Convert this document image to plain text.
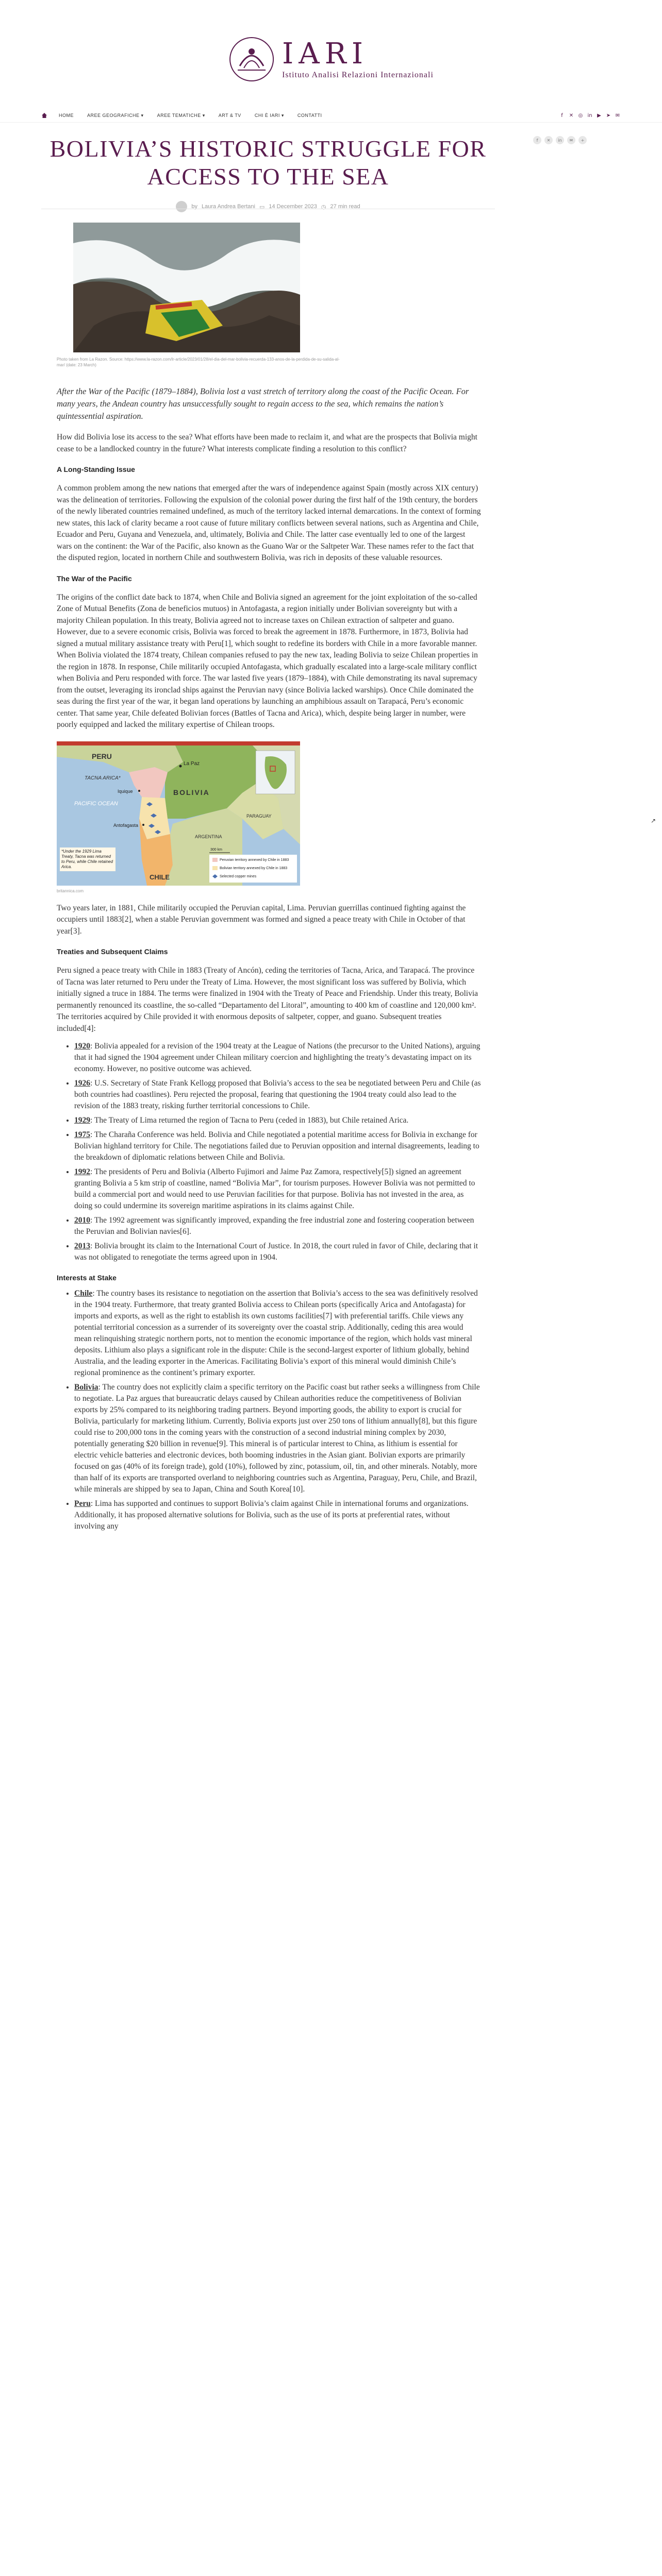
IARI
Istituto Analisi Relazioni Internazionali
HOME	AREE GEOGRAFICHE ▾	AREE TEMATICHE ▾	ART & TV	CHI È IARI ▾	CONTATTI	f	✕ ◎ in ▶ ➤ ✉
BOLIVIA’S HISTORIC STRUGGLE FOR ACCESS TO THE SEA
by Laura Andrea Bertani ▭ 14 December 2023 ◷ 27 min read
f	✕	in	✉	+
↗

Photo taken from La Razon. Source: https://www.la-razon.com/lr-article/2023/01/28/el-dia-del-mar-bolivia-recuerda-133-anos-de-la-perdida-de-su-salida-al-mar/ (date: 23 March)

After the War of the Pacific (1879–1884), Bolivia lost a vast stretch of territory along the coast of the Pacific Ocean. For many years, the Andean country has unsuccessfully sought to regain access to the sea, which remains the nation’s quintessential aspiration.

How did Bolivia lose its access to the sea? What efforts have been made to reclaim it, and what are the prospects that Bolivia might cease to be a landlocked country in the future? What interests complicate finding a resolution to this conflict?

A Long-Standing Issue

A common problem among the new nations that emerged after the wars of independence against Spain (mostly across XIX century) was the delineation of territories. Following the expulsion of the colonial power during the first half of the 19th century, the borders of the newly liberated countries remained undefined, as much of the territory lacked internal demarcations. In the context of forming new states, this lack of clarity became a root cause of future military conflicts between several nations, such as Argentina and Chile, Ecuador and Peru, Guyana and Venezuela, and, ultimately, Bolivia and Chile. The latter case eventually led to one of the largest wars on the continent: the War of the Pacific, also known as the Guano War or the Saltpeter War. These names refer to the fact that the disputed region, located in northern Chile and southwestern Bolivia, was rich in deposits of these valuable resources.

The War of the Pacific

The origins of the conflict date back to 1874, when Chile and Bolivia signed an agreement for the joint exploitation of the so-called Zone of Mutual Benefits (Zona de beneficios mutuos) in Antofagasta, a region initially under Bolivian sovereignty but with a majority Chilean population. In this treaty, Bolivia agreed not to increase taxes on Chilean extraction of saltpeter and guano. However, due to a severe economic crisis, Bolivia was forced to break the agreement in 1878. Furthermore, in 1873, Bolivia had signed a mutual military assistance treaty with Peru[1], which sought to redefine its borders with Chile in a more favorable manner. When Bolivia violated the 1874 treaty, Chilean companies refused to pay the new tax, leading Bolivia to seize Chilean properties in the region in 1878. In response, Chile militarily occupied Antofagasta, which gradually escalated into a large-scale military conflict when Bolivia and Peru responded with force. The war lasted five years (1879–1884), with Chile demonstrating its naval supremacy from the outset, leveraging its ironclad ships against the Peruvian navy (since Bolivia lacked warships). Once Chile dominated the seas during the first year of the war, it began land operations by launching an amphibious assault on Tarapacá, Peru’s economic center. That same year, Chile defeated Bolivian forces (Battles of Tacna and Arica), which, despite being larger in number, were poorly equipped and lacked the military expertise of Chilean troops.

PERU
BOLIVIA
CHILE
ARGENTINA
PARAGUAY
PACIFIC OCEAN
TACNA ARICA*
La Paz
Iquique
Antofagasta
300 km
*Under the 1929 Lima Treaty, Tacna was returned to Peru, while Chile retained Arica.
Peruvian territory annexed by Chile in 1883
Bolivian territory annexed by Chile in 1883
Selected copper mines

britannica.com

Two years later, in 1881, Chile militarily occupied the Peruvian capital, Lima. Peruvian guerrillas continued fighting against the occupiers until 1883[2], when a stable Peruvian government was formed and signed a peace treaty with Chile in October of that year[3].

Treaties and Subsequent Claims

Peru signed a peace treaty with Chile in 1883 (Treaty of Ancón), ceding the territories of Tacna, Arica, and Tarapacá. The province of Tacna was later returned to Peru under the Treaty of Lima. However, the most significant loss was suffered by Bolivia, which initially signed a truce in 1884. The terms were finalized in 1904 with the Treaty of Peace and Friendship. Under this treaty, Bolivia permanently renounced its coastline, the so-called “Departamento del Litoral”, amounting to 400 km of coastline and 120,000 km². The territories acquired by Chile provided it with enormous deposits of saltpeter, copper, and guano. Subsequent treaties included[4]:

• 1920: Bolivia appealed for a revision of the 1904 treaty at the League of Nations (the precursor to the United Nations), arguing that it had signed the 1904 agreement under Chilean military coercion and highlighting the treaty’s devastating impact on its economy. However, no positive outcome was achieved.
• 1926: U.S. Secretary of State Frank Kellogg proposed that Bolivia’s access to the sea be negotiated between Peru and Chile (as both countries had coastlines). Peru rejected the proposal, fearing that questioning the 1904 treaty could also lead to the revision of the 1883 treaty, risking further territorial concessions to Chile.
• 1929: The Treaty of Lima returned the region of Tacna to Peru (ceded in 1883), but Chile retained Arica.
• 1975: The Charaña Conference was held. Bolivia and Chile negotiated a potential maritime access for Bolivia in exchange for Bolivian highland territory for Chile. The negotiations failed due to Peruvian opposition and internal disagreements, leading to the breakdown of diplomatic relations between Chile and Bolivia.
• 1992: The presidents of Peru and Bolivia (Alberto Fujimori and Jaime Paz Zamora, respectively[5]) signed an agreement granting Bolivia a 5 km strip of coastline, named “Bolivia Mar”, for tourism purposes. However Bolivia was not permitted to build a commercial port and would need to use Peruvian facilities for that purpose. Bolivia has not invested in the area, as doing so could undermine its sovereign maritime aspirations in its claims against Chile.
• 2010: The 1992 agreement was significantly improved, expanding the free industrial zone and fostering cooperation between the Peruvian and Bolivian navies[6].
• 2013: Bolivia brought its claim to the International Court of Justice. In 2018, the court ruled in favor of Chile, declaring that it was not obligated to renegotiate the terms agreed upon in 1904.
Interests at Stake
• Chile: The country bases its resistance to negotiation on the assertion that Bolivia’s access to the sea was definitively resolved in the 1904 treaty. Furthermore, that treaty granted Bolivia access to Chilean ports (specifically Arica and Antofagasta) for imports and exports, as well as the right to establish its own customs facilities[7] with preferential tariffs. Chile views any potential territorial concession as a surrender of its sovereignty over the coastal strip. Additionally, ceding this area would mean relinquishing strategic northern ports, not to mention the economic importance of the region, which holds vast mineral deposits. Lithium also plays a significant role in the dispute: Chile is the second-largest exporter of lithium globally, behind Australia, and the leading exporter in the Americas. Facilitating Bolivia’s export of this mineral would diminish Chile’s regional prominence as the continent’s primary exporter.
• Bolivia: The country does not explicitly claim a specific territory on the Pacific coast but rather seeks a willingness from Chile to negotiate. La Paz argues that bureaucratic delays caused by Chilean authorities reduce the competitiveness of Bolivian exports by 25% compared to its neighboring trading partners. Beyond importing goods, the ability to export is crucial for Bolivia, particularly for marketing lithium. Currently, Bolivia exports just over 250 tons of lithium annually[8], but this figure could rise to 200,000 tons in the coming years with the construction of a second industrial mining complex by 2030, potentially generating $20 billion in revenue[9]. This mineral is of particular interest to China, as lithium is essential for electric vehicle batteries and electronic devices, both booming industries in the Asian giant. Bolivian exports are primarily focused on gas (40% of its foreign trade), gold (10%), followed by zinc, potassium, oil, tin, and other minerals. Notably, more than half of its exports are transported overland to neighboring countries such as Argentina, Paraguay, Peru, Chile, and Brazil, while minerals are shipped by sea to Japan, China and South Korea[10].
• Peru: Lima has supported and continues to support Bolivia’s claim against Chile in international forums and organizations. Additionally, it has proposed alternative solutions for Bolivia, such as the use of its ports at preferential rates, without involving any
